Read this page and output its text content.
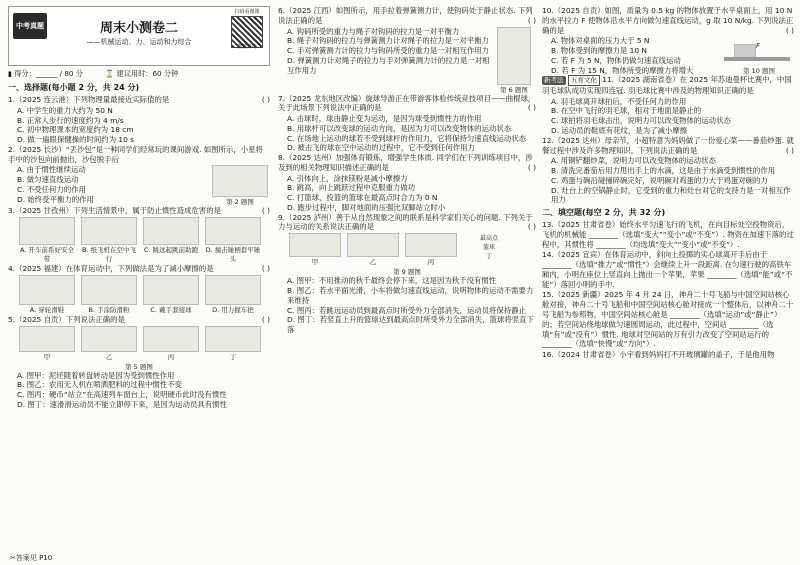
中考真题分类
周末小测卷二
——机械运动、力、运动和力综合
扫码看微课
微教详练
▮ 得分：______ / 80 分	⌛ 建议用时：60 分钟
一、选择题(每小题 2 分，共 24 分)
1.（2025 连云港）下列物理量最接近实际值的是	( )
A. 中学生的重力大约为 50 N
B. 正常人步行的速度约为 4 m/s
C. 初中物理课本的宽度约为 18 cm
D. 做一遍眼保健操的时间约为 10 s
2.（2025 长沙）“丢沙包”是一种同学们经常玩的课间游戏. 如图所示，小星将手中的沙包向前抛出，沙包脱手后
A. 由于惯性继续运动
B. 做匀速直线运动
C. 不受任何力的作用
D. 始终受平衡力的作用	第 2 题图
3.（2025 甘孜州）下列生活情景中，属于防止惯性造成危害的是	( )
A. 开车前系好安全带
B. 纸飞机在空中飞行
C. 跳远起跳前助跑 D. 撞击锤柄套牢锤头
4.（2025 福建）在体育运动中，下列做法是为了减小摩擦的是	( )
A. 穿轮滑鞋	B. 手涂防滑粉	C. 戴手套接球	D. 用力握车把
5.（2025 自贡）下列说法正确的是	( )
甲	乙	丙	丁
第 5 题图
A. 图甲：泥坯随着转盘转动是因为受到惯性作用
B. 图乙：农用无人机在喷洒肥料的过程中惯性不变
C. 图丙：硬币“站立”在高速列车窗台上，说明硬币此时没有惯性
D. 图丁：速滑滑运动员不能立即停下来，是因为运动员具有惯性
6.（2025 江西）如图所示，用手拉着弹簧测力计，使钩码处于静止状态. 下列说法正确的是	( )
A. 钩码所受的重力与绳子对钩码的拉力是一对平衡力
B. 绳子对钩码的拉力与弹簧测力计对绳子的拉力是一对平衡力
C. 手对弹簧测力计的拉力与钩码所受的重力是一对相互作用力
D. 弹簧测力计对绳子的拉力与手对弹簧测力计的拉力是一对相互作用力
第 6 题图
7.（2025 龙东地区改编）旋球导游正在带游客体验传统竞技项目——曲棍球，关于此场景下列说法中正确的是	( )
A. 击球时，球由静止变为运动，是因为球受到惯性力的作用
B. 用球杆可以改变球的运动方向，是因为力可以改变物体的运动状态
C. 在场地上运动的球若不受到球杆的作用力，它将保持匀速直线运动状态
D. 被击飞的球在空中运动的过程中，它不受到任何作用力
8.（2025 达州）加强体育锻炼，增强学生体质. 同学们在下列训练项目中，涉及到的相关物理知识描述正确的是	( )
A. 引体向上，涂抹镁粉是减小摩擦力
B. 跳高，向上跳跃过程中克服重力做功
C. 打篮球，投篮的篮球在最高点时合力为 0 N
D. 跑步过程中，脚对地面的压强比双脚站立时小
9.（2025 泸州）善于从自然现象之间的联系是科学家们关心的问题. 下列关于力与运动的关系说法正确的是	( )
甲	乙	丙
最高点
篮球
丁
第 9 题图
A. 图甲：不用推动的秋千最终会停下来，这是因为秋千没有惯性
B. 图乙：若水平面光滑，小车将做匀速直线运动，说明物体的运动不需要力来维持
C. 图丙：若跳远运动员到最高点时所受外力全部消失，运动员将保持静止
D. 图丁：若竖直上升的篮球达到最高点时所受外力全部消失，篮球将竖直下落
10.（2025 自贡）如图，质量为 0.5 kg 的物体放置于水平桌面上，用 10 N 的水平拉力 F 使物体沿水平方向做匀速直线运动，g 取 10 N/kg. 下列说法正确的是	( )
A. 物体对桌面的压力大于 5 N
B. 物体受到的摩擦力是 10 N
C. 若 F 为 5 N，物体仍做匀速直线运动
D. 若 F 为 15 N，物体所受的摩擦力将增大
F
第 10 题图
新考法 五育文化 11.（2025 湖南省卷）在 2025 年苏迪曼杯比赛中，中国羽毛球队成功实现四连冠. 羽毛球比赛中涉及的物理知识正确的是
A. 羽毛球离开球拍后，不受任何力的作用
B. 在空中飞行的羽毛球，相对于地面是静止的
C. 球拍将羽毛球击出，说明力可以改变物体的运动状态
D. 运动员的鞋底有花纹，是为了减小摩擦
12.（2025 达州）母亲节，小超特意为妈妈做了一份爱心菜——番茄炒蛋. 就餐过程中涉及许多物理知识，下列说法正确的是	( )
A. 用铜铲翻炒菜，说明力可以改变物体的运动状态
B. 清洗完番茄后用力甩出手上的水滴，这是由于水滴受到惯性的作用
C. 鸡蛋与碗沿碰撞碎碗完好，说明碗对鸡蛋的力大于鸡蛋对碗的力
D. 灶台上的空锅静止时，它受到的重力和灶台对它的支持力是一对相互作用力
二、填空题(每空 2 分，共 32 分)
13.（2025 甘肃省卷）始终水平匀速飞行的飞机，在向目标处空投物资后，飞机的机械能 ________（选填“变大”“变小”或“不变”）. 物资在加速下落的过程中，其惯性将 ________（均选填“变大”“变小”或“不变”）.
14.（2025 宜宾）在体育运动中，斜向上投掷的实心球离开手后由于 ________（选填“推力”或“惯性”）会继续上升一段距离. 在匀速行驶的高铁车厢内，小明在座位上竖直向上抛出一个苹果，苹果 ________（选填“能”或“不能”）落回小明的手中.
15.（2025 新疆）2025 年 4 月 24 日，神舟二十号飞船与中国空间站核心舱对接，神舟二十号飞船和中国空间站核心舱对接成一个整体后，以神舟二十号飞船为参照物，中国空间站核心舱是 ________（选填“运动”或“静止”）的；若空间站绕地球做匀速圆周运动，此过程中，空间站 ________（选填“有”或“没有”）惯性. 地球对空间站的万有引力改变了空间站运行的 ________（选填“快慢”或“方向”）.
16.（2024 甘肃省卷）小宇看到妈妈打不开玻璃罐的盖子，于是他用物
✂答案见 P10
